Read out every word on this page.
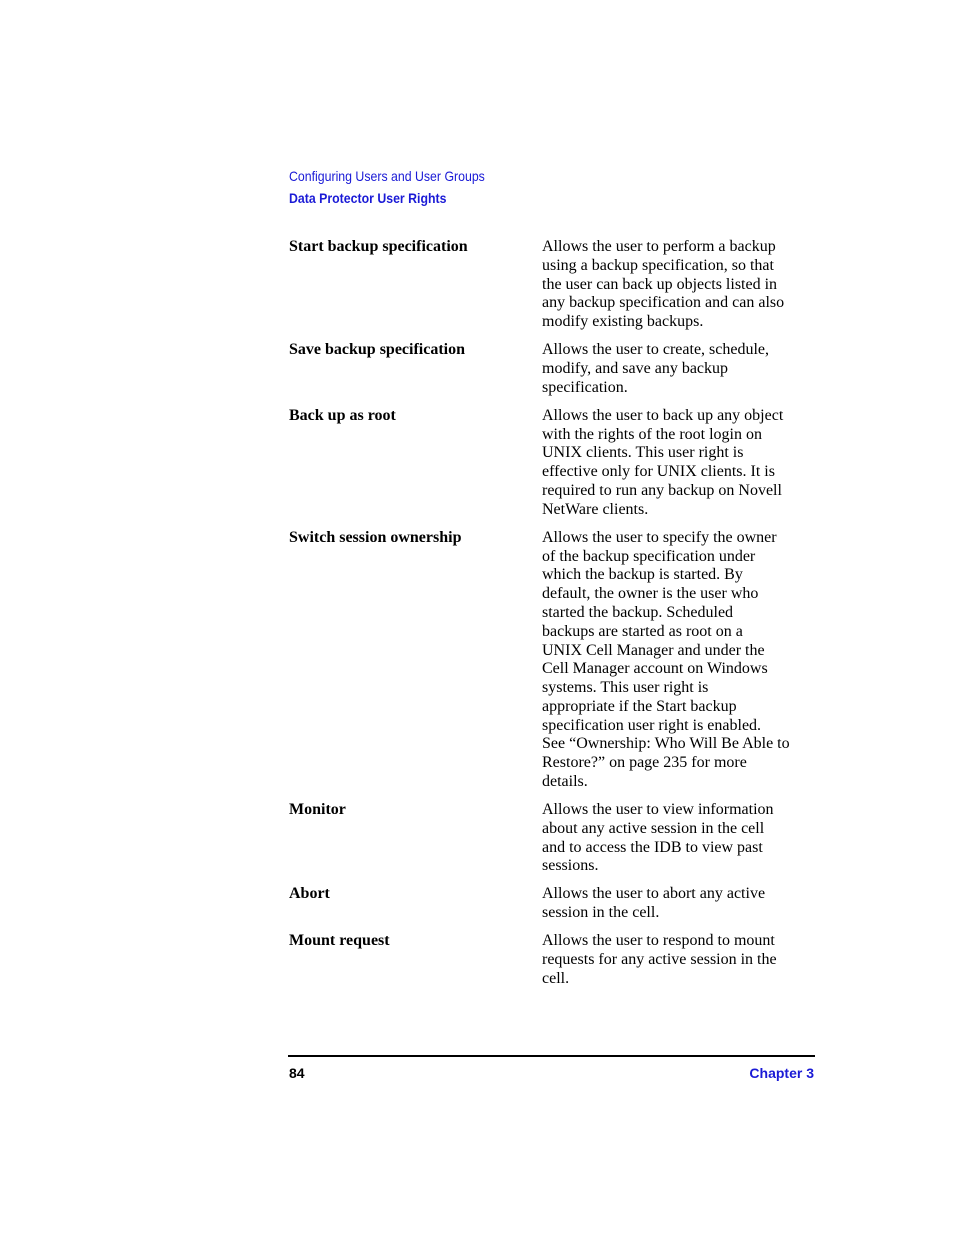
Configuring Users and User Groups
Data Protector User Rights
Start backup specification	Allows the user to perform a backup
using a backup specification, so that
the user can back up objects listed in
any backup specification and can also
modify existing backups.
Save backup specification	Allows the user to create, schedule,
modify, and save any backup
specification.
Back up as root	Allows the user to back up any object
with the rights of the root login on
UNIX clients. This user right is
effective only for UNIX clients. It is
required to run any backup on Novell
NetWare clients.
Switch session ownership	Allows the user to specify the owner
of the backup specification under
which the backup is started. By
default, the owner is the user who
started the backup. Scheduled
backups are started as root on a
UNIX Cell Manager and under the
Cell Manager account on Windows
systems. This user right is
appropriate if the Start backup
specification user right is enabled.
See “Ownership: Who Will Be Able to
Restore?” on page 235 for more
details.
Monitor	Allows the user to view information
about any active session in the cell
and to access the IDB to view past
sessions.
Abort	Allows the user to abort any active
session in the cell.
Mount request	Allows the user to respond to mount
requests for any active session in the
cell.
84	Chapter 3
